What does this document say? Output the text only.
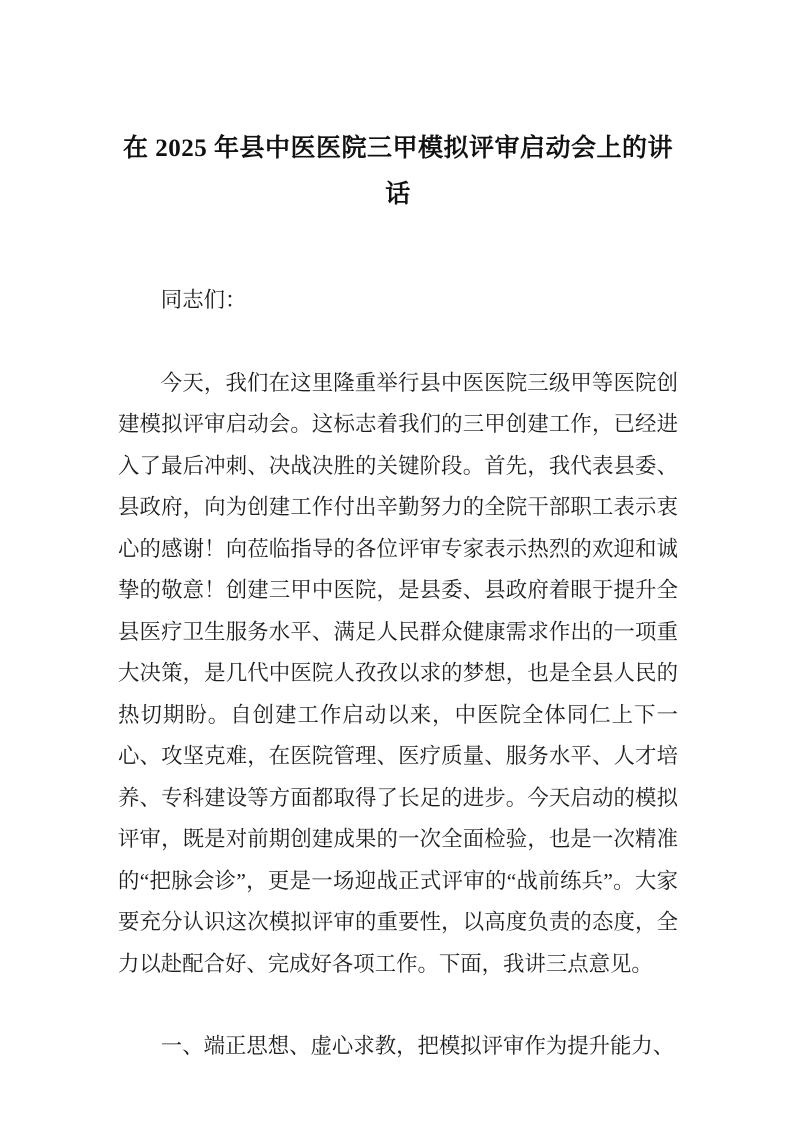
在 2025 年县中医医院三甲模拟评审启动会上的讲话

同志们：

今天，我们在这里隆重举行县中医医院三级甲等医院创建模拟评审启动会。这标志着我们的三甲创建工作，已经进入了最后冲刺、决战决胜的关键阶段。首先，我代表县委、县政府，向为创建工作付出辛勤努力的全院干部职工表示衷心的感谢！向莅临指导的各位评审专家表示热烈的欢迎和诚挚的敬意！创建三甲中医院，是县委、县政府着眼于提升全县医疗卫生服务水平、满足人民群众健康需求作出的一项重大决策，是几代中医院人孜孜以求的梦想，也是全县人民的热切期盼。自创建工作启动以来，中医院全体同仁上下一心、攻坚克难，在医院管理、医疗质量、服务水平、人才培养、专科建设等方面都取得了长足的进步。今天启动的模拟评审，既是对前期创建成果的一次全面检验，也是一次精准的“把脉会诊”，更是一场迎战正式评审的“战前练兵”。大家要充分认识这次模拟评审的重要性，以高度负责的态度，全力以赴配合好、完成好各项工作。下面，我讲三点意见。

一、端正思想、虚心求教，把模拟评审作为提升能力、
